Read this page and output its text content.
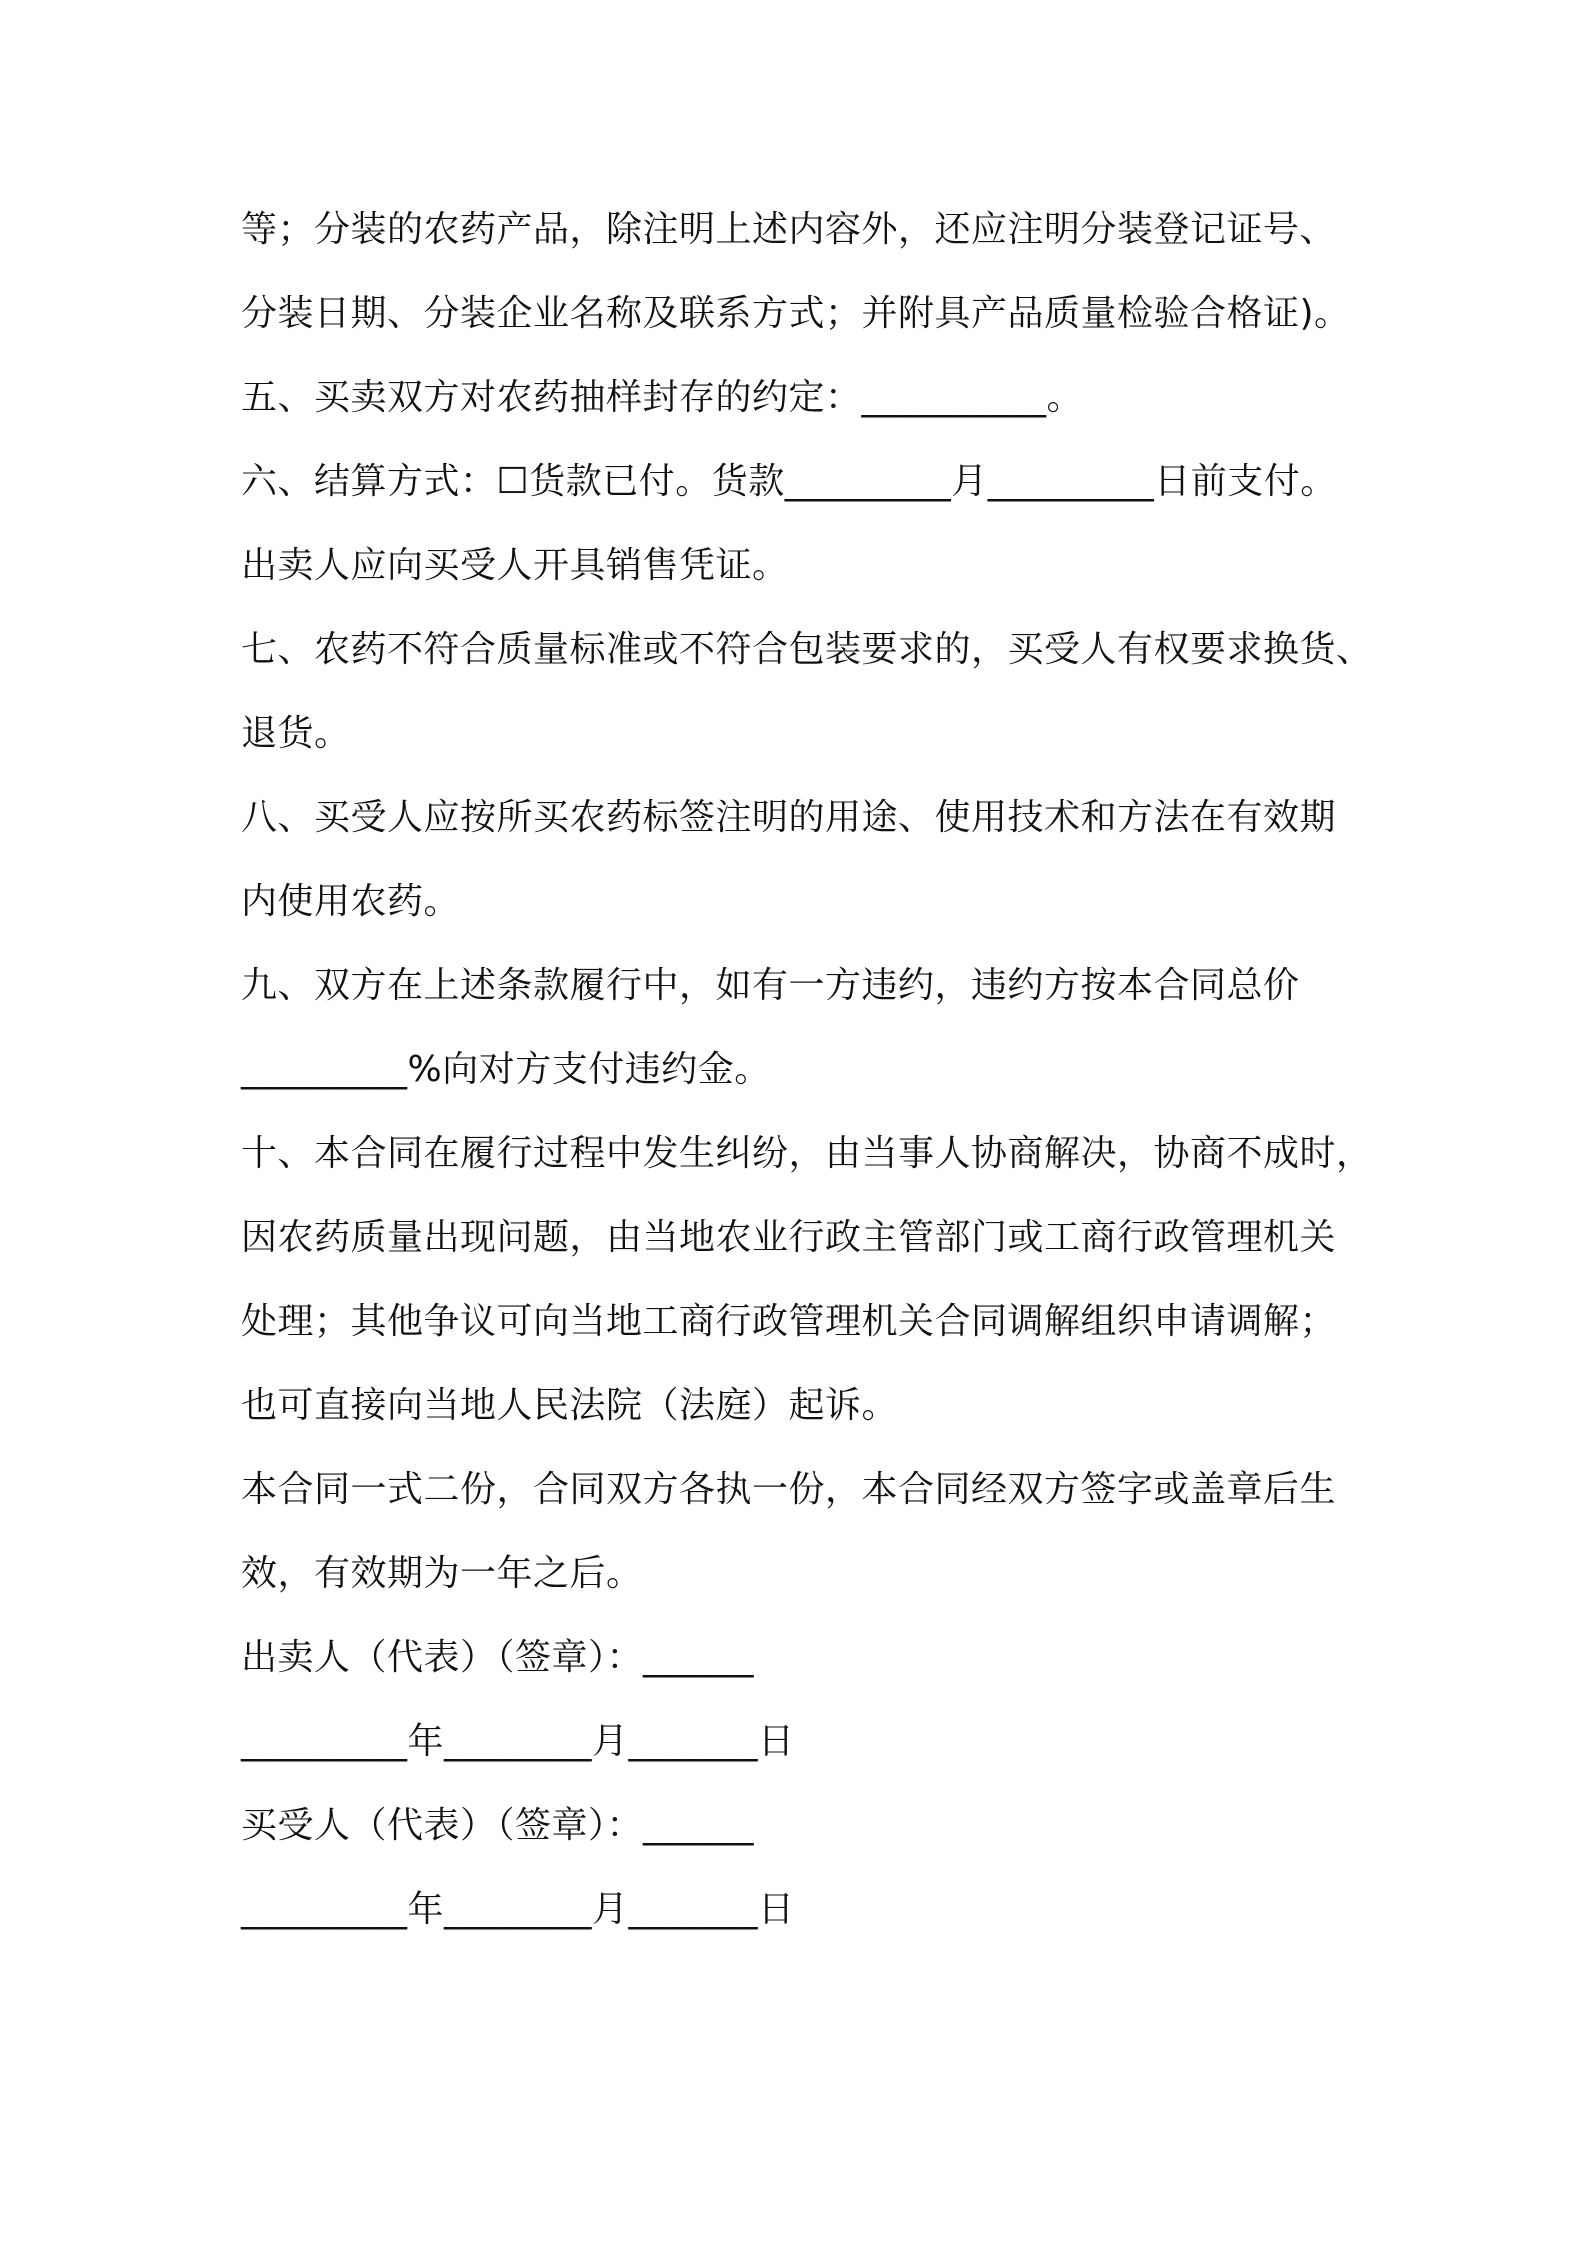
等；分装的农药产品，除注明上述内容外，还应注明分装登记证号、
分装日期、分装企业名称及联系方式；并附具产品质量检验合格证)。
五、买卖双方对农药抽样封存的约定：__________。
六、结算方式：☐货款已付。货款_________月_________日前支付。
出卖人应向买受人开具销售凭证。
七、农药不符合质量标准或不符合包装要求的，买受人有权要求换货、
退货。
八、买受人应按所买农药标签注明的用途、使用技术和方法在有效期
内使用农药。
九、双方在上述条款履行中，如有一方违约，违约方按本合同总价
_________%向对方支付违约金。
十、本合同在履行过程中发生纠纷，由当事人协商解决，协商不成时，
因农药质量出现问题，由当地农业行政主管部门或工商行政管理机关
处理；其他争议可向当地工商行政管理机关合同调解组织申请调解；
也可直接向当地人民法院（法庭）起诉。
本合同一式二份，合同双方各执一份，本合同经双方签字或盖章后生
效，有效期为一年之后。
出卖人（代表）（签章）：______
_________年________月_______日
买受人（代表）（签章）：______
_________年________月_______日
